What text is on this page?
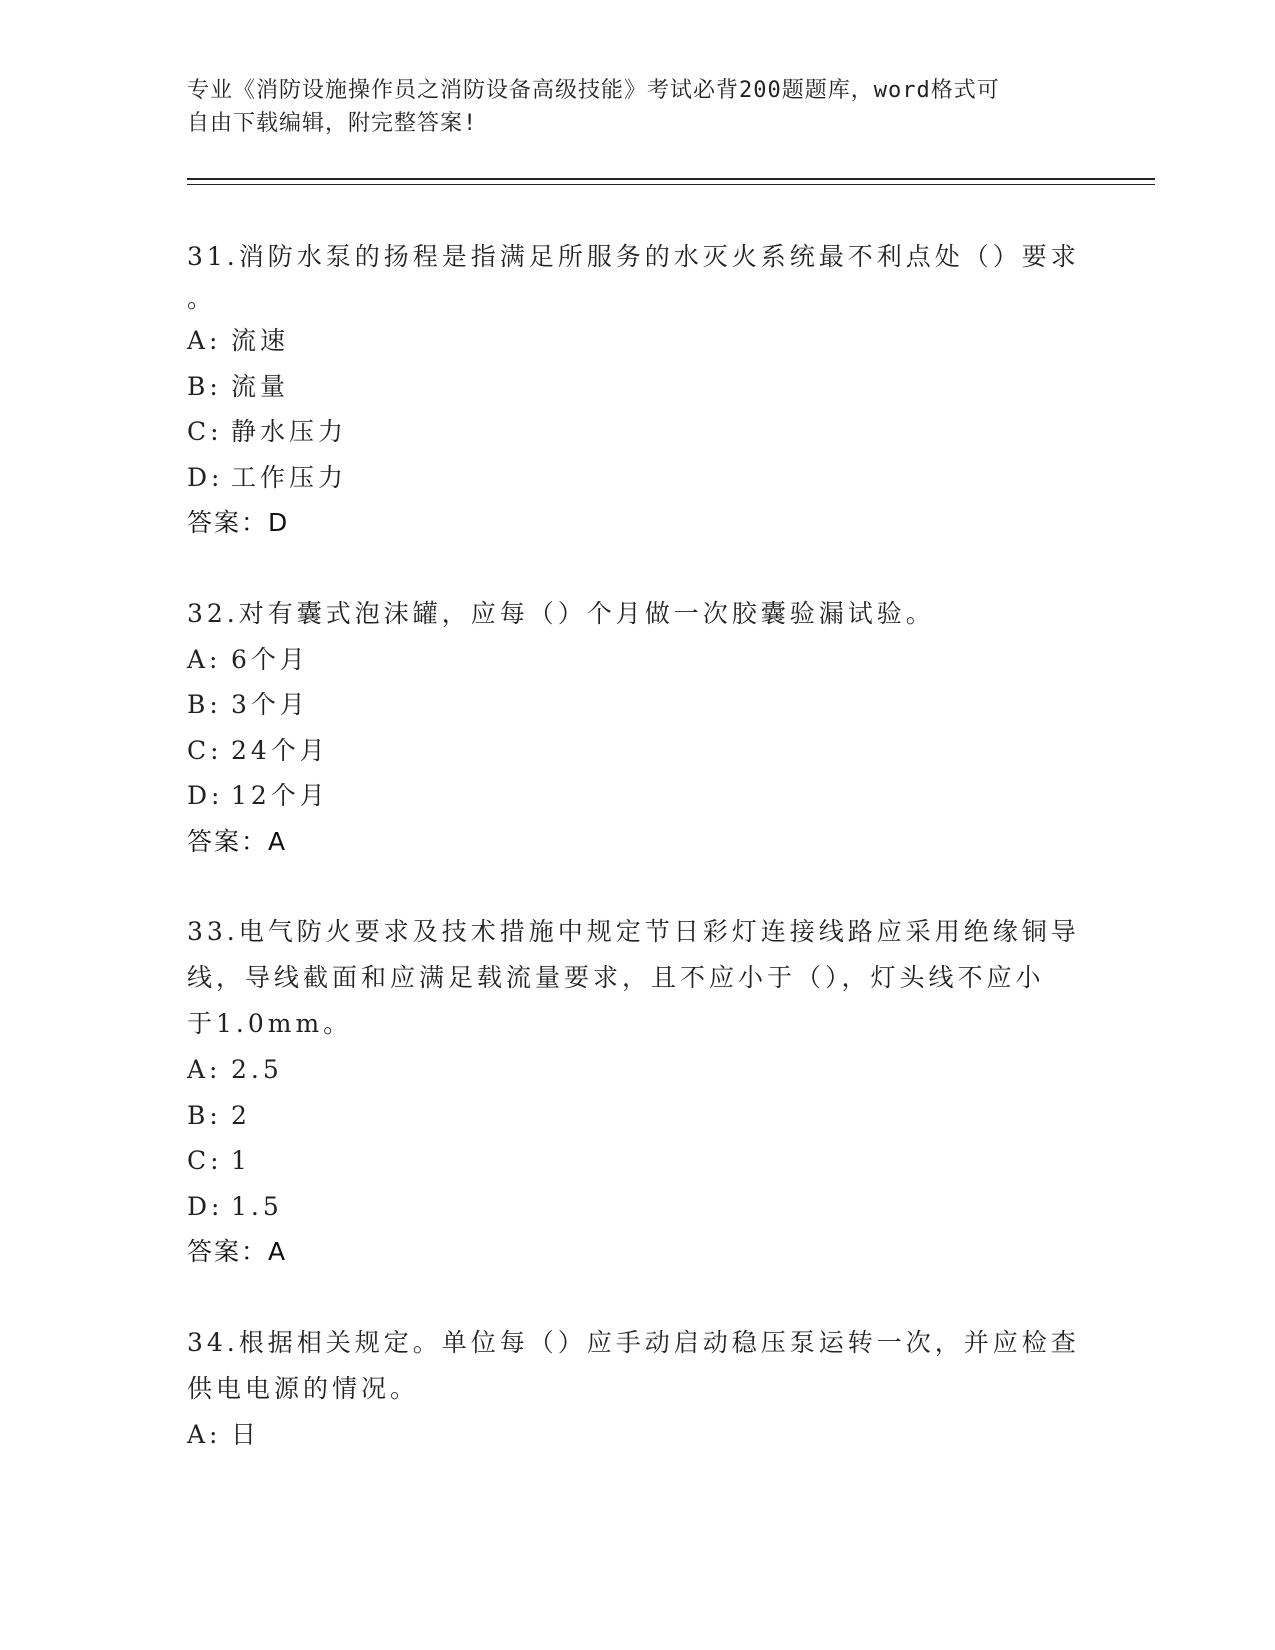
专业《消防设施操作员之消防设备高级技能》考试必背200题题库，word格式可
自由下载编辑，附完整答案!

31.消防水泵的扬程是指满足所服务的水灭火系统最不利点处（）要求

。

A: 流速

B: 流量

C: 静水压力

D: 工作压力

答案：D

32.对有囊式泡沫罐，应每（）个月做一次胶囊验漏试验。

A: 6个月

B: 3个月

C: 24个月

D: 12个月

答案：A

33.电气防火要求及技术措施中规定节日彩灯连接线路应采用绝缘铜导

线，导线截面和应满足载流量要求，且不应小于（），灯头线不应小

于1.0mm。

A: 2.5

B: 2

C: 1

D: 1.5

答案：A

34.根据相关规定。单位每（）应手动启动稳压泵运转一次，并应检查

供电电源的情况。

A: 日
